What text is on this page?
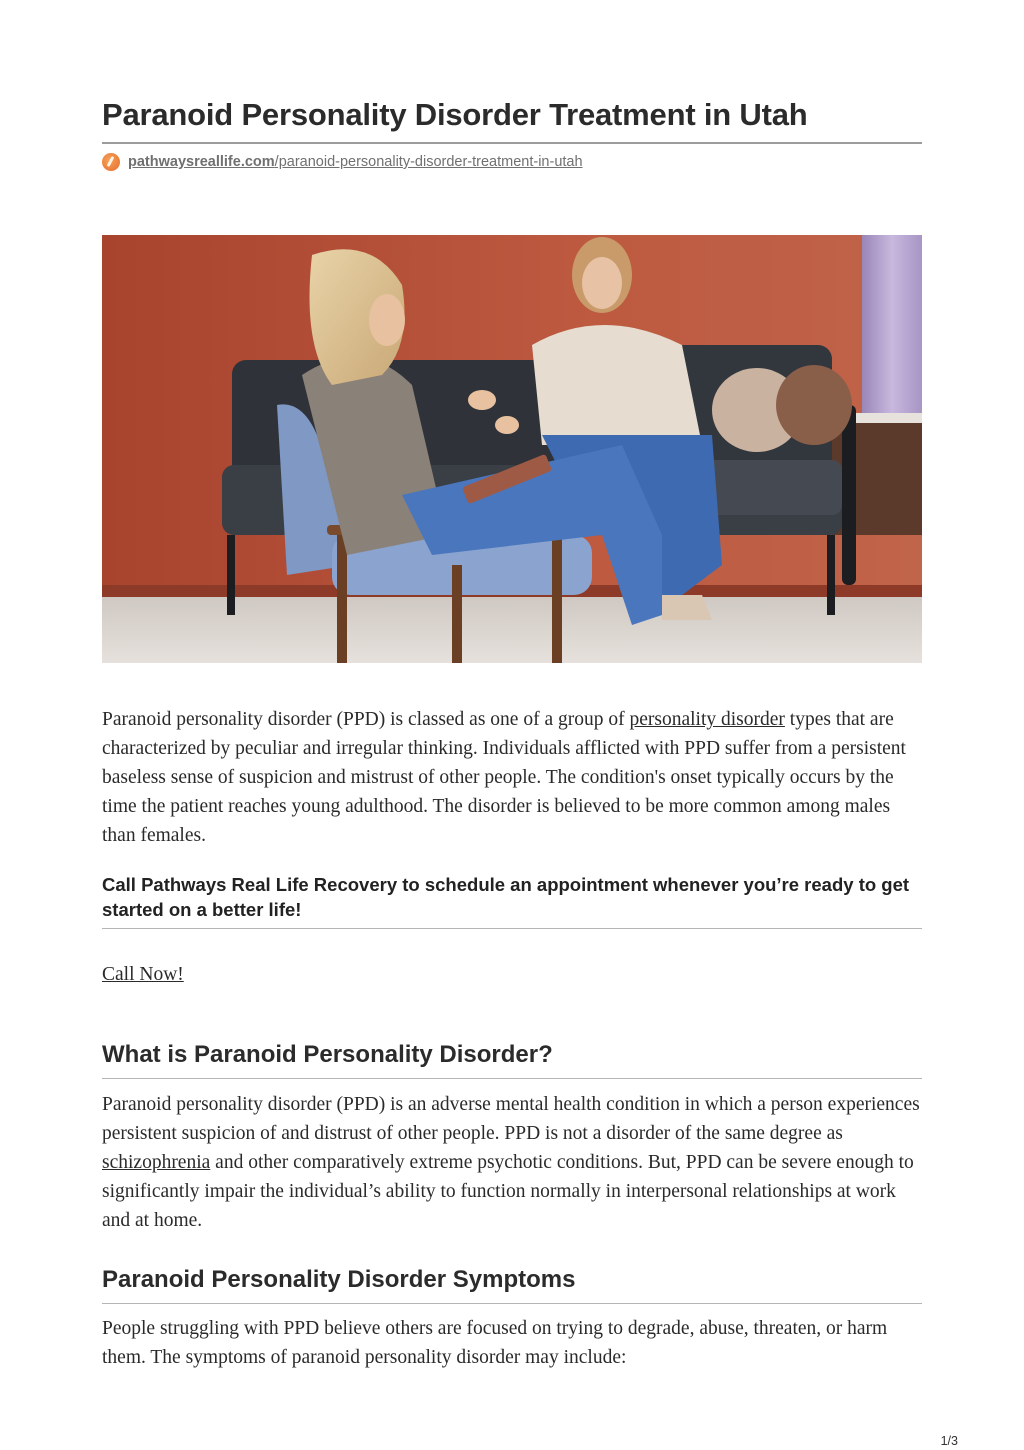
Paranoid Personality Disorder Treatment in Utah
pathwaysreallife.com/paranoid-personality-disorder-treatment-in-utah

Paranoid personality disorder (PPD) is classed as one of a group of personality disorder types that are characterized by peculiar and irregular thinking. Individuals afflicted with PPD suffer from a persistent baseless sense of suspicion and mistrust of other people. The condition's onset typically occurs by the time the patient reaches young adulthood. The disorder is believed to be more common among males than females.

Call Pathways Real Life Recovery to schedule an appointment whenever you’re ready to get started on a better life!

Call Now!
What is Paranoid Personality Disorder?

Paranoid personality disorder (PPD) is an adverse mental health condition in which a person experiences persistent suspicion of and distrust of other people. PPD is not a disorder of the same degree as schizophrenia and other comparatively extreme psychotic conditions. But, PPD can be severe enough to significantly impair the individual’s ability to function normally in interpersonal relationships at work and at home.

Paranoid Personality Disorder Symptoms

People struggling with PPD believe others are focused on trying to degrade, abuse, threaten, or harm them. The symptoms of paranoid personality disorder may include:

1/3
